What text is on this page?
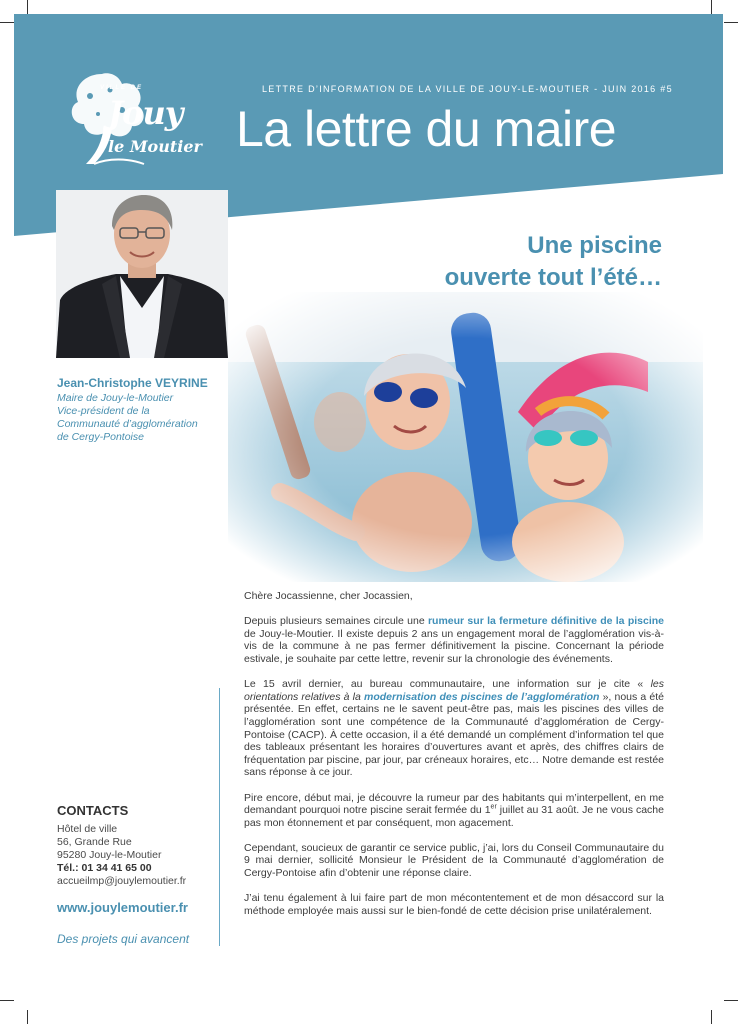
VILLE DE
Jouy
le Moutier
LETTRE D’INFORMATION DE LA VILLE DE JOUY-LE-MOUTIER - JUIN 2016 #5
La lettre du maire
Une piscine
ouverte tout l’été…
Jean-Christophe VEYRINE
Maire de Jouy-le-Moutier
Vice-président de la
Communauté d’agglomération
de Cergy-Pontoise
CONTACTS
Hôtel de ville
56, Grande Rue
95280 Jouy-le-Moutier
Tél.: 01 34 41 65 00
accueilmp@jouylemoutier.fr
www.jouylemoutier.fr
Des projets qui avancent

Chère Jocassienne, cher Jocassien,

Depuis plusieurs semaines circule une rumeur sur la fermeture définitive de la piscine de Jouy-le-Moutier. Il existe depuis 2 ans un engagement moral de l’agglomération vis-à-vis de la commune à ne pas fermer définitivement la piscine. Concernant la période estivale, je souhaite par cette lettre, revenir sur la chronologie des événements.

Le 15 avril dernier, au bureau communautaire, une information sur je cite « les orientations relatives à la modernisation des piscines de l’agglomération », nous a été présentée. En effet, certains ne le savent peut-être pas, mais les piscines des villes de l’agglomération sont une compétence de la Communauté d’agglomération de Cergy-Pontoise (CACP). À cette occasion, il a été demandé un complément d’information tel que des tableaux présentant les horaires d’ouvertures avant et après, des chiffres clairs de fréquentation par piscine, par jour, par créneaux horaires, etc… Notre demande est restée sans réponse à ce jour.

Pire encore, début mai, je découvre la rumeur par des habitants qui m’interpellent, en me demandant pourquoi notre piscine serait fermée du 1er juillet au 31 août. Je ne vous cache pas mon étonnement et par conséquent, mon agacement.

Cependant, soucieux de garantir ce service public, j’ai, lors du Conseil Communautaire du 9 mai dernier, sollicité Monsieur le Président de la Communauté d’agglomération de Cergy-Pontoise afin d’obtenir une réponse claire.

J’ai tenu également à lui faire part de mon mécontentement et de mon désaccord sur la méthode employée mais aussi sur le bien-fondé de cette décision prise unilatéralement.
